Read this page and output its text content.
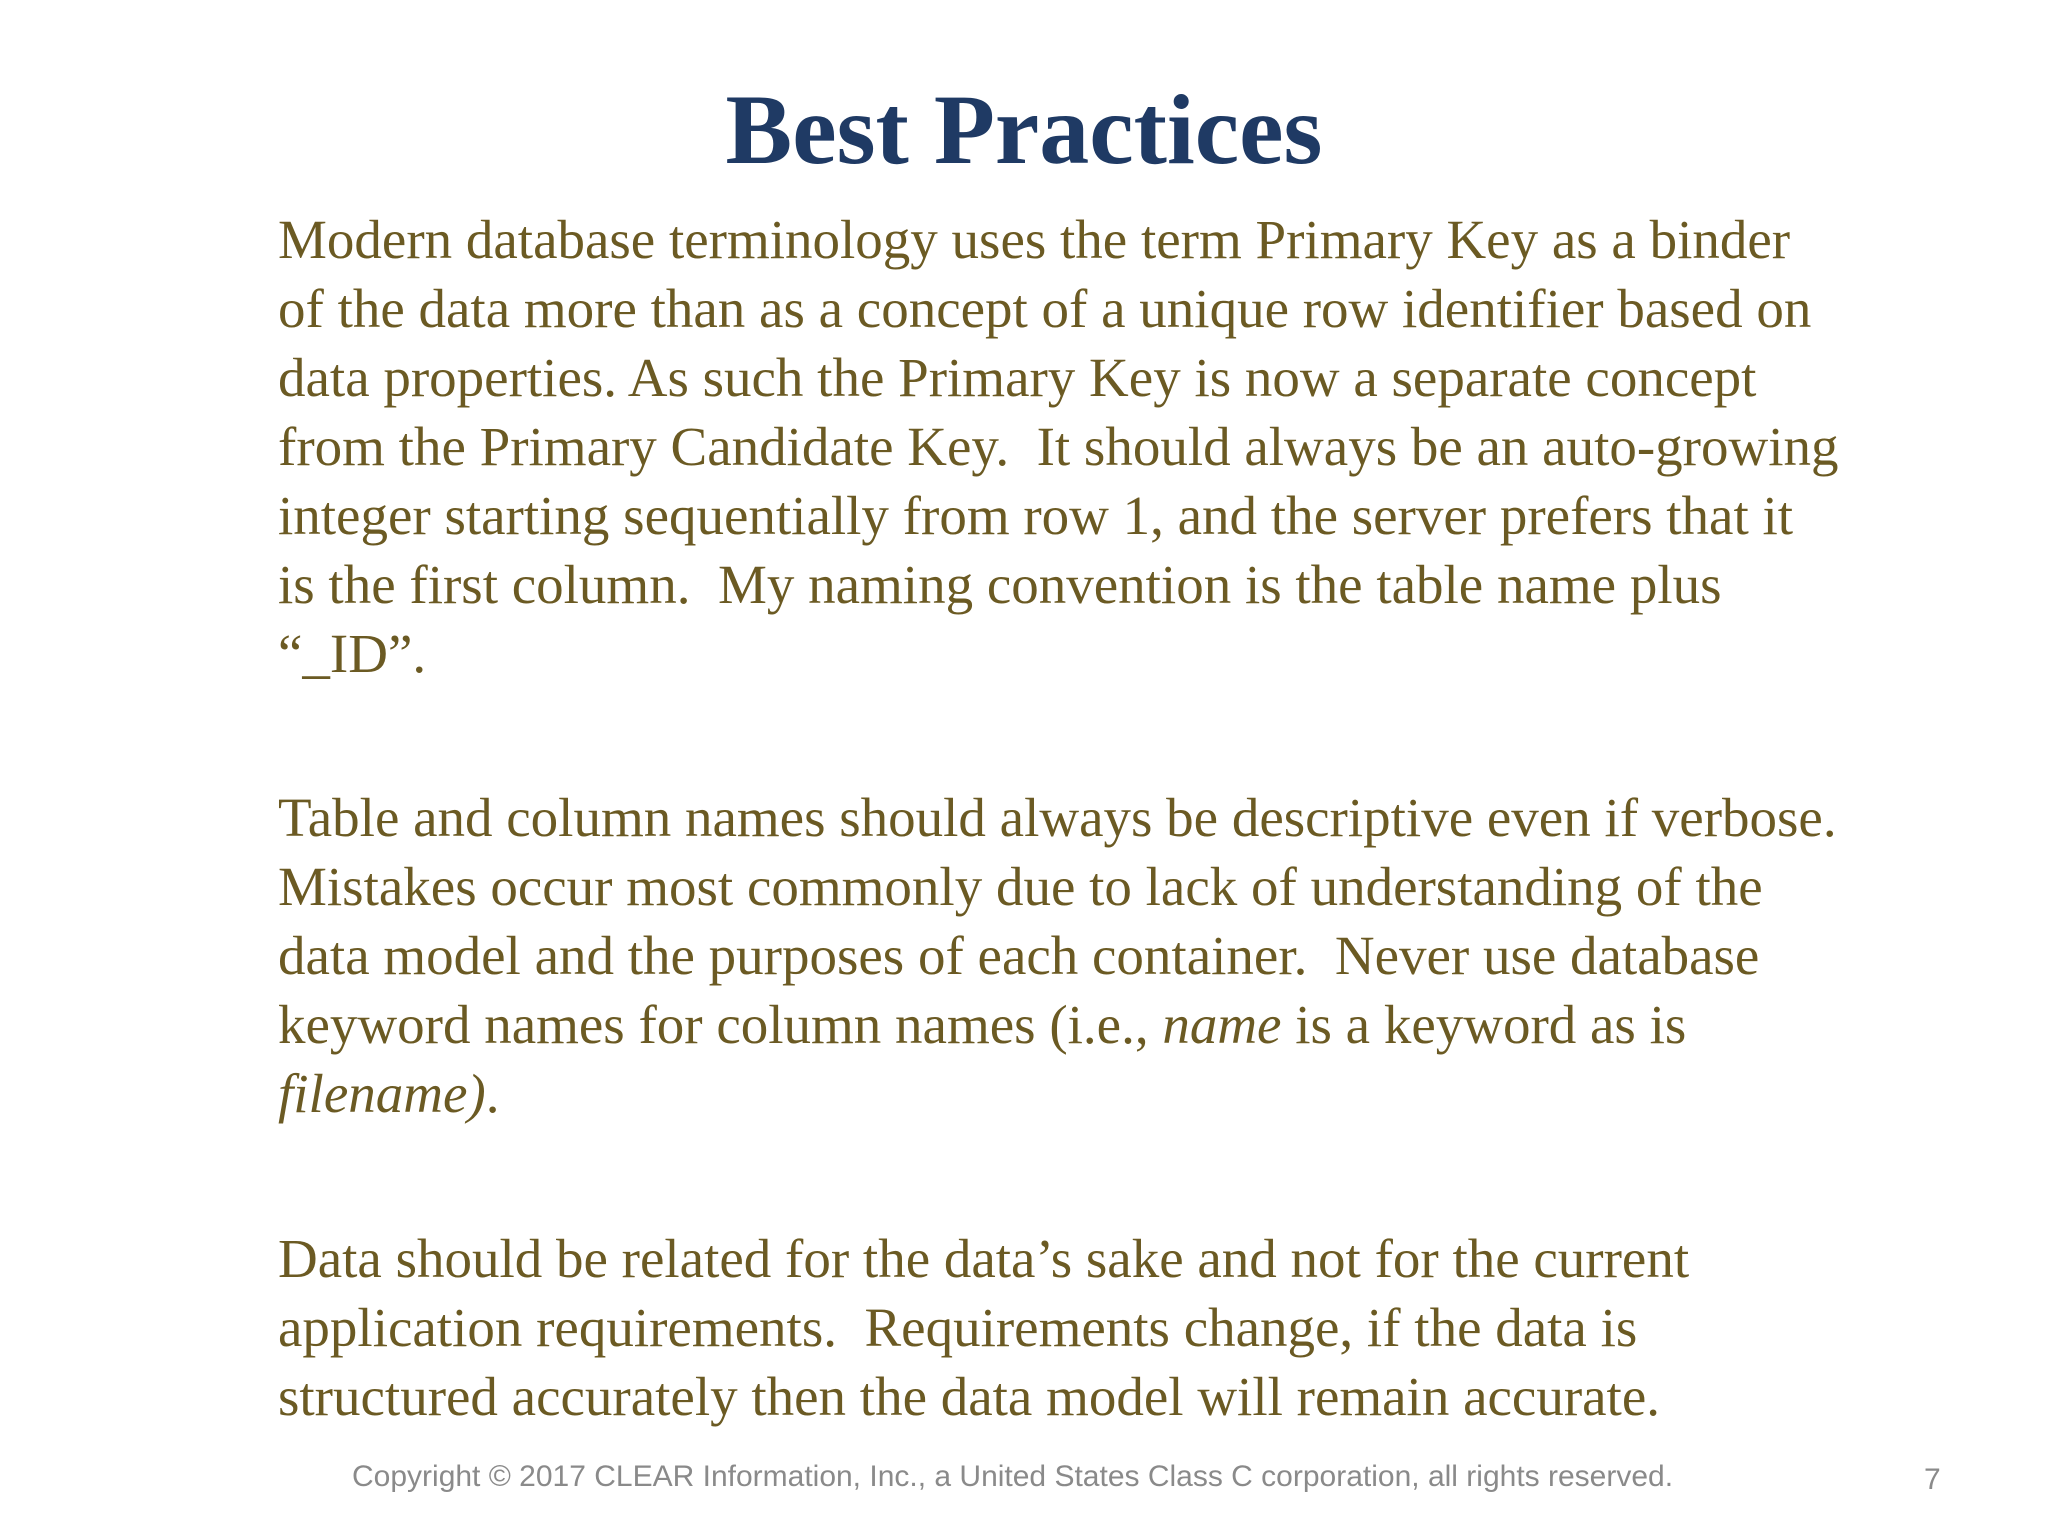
Best Practices

Modern database terminology uses the term Primary Key as a binder
of the data more than as a concept of a unique row identifier based on
data properties. As such the Primary Key is now a separate concept
from the Primary Candidate Key.  It should always be an auto-growing
integer starting sequentially from row 1, and the server prefers that it
is the first column.  My naming convention is the table name plus
“_ID”.

Table and column names should always be descriptive even if verbose.
Mistakes occur most commonly due to lack of understanding of the
data model and the purposes of each container.  Never use database
keyword names for column names (i.e., name is a keyword as is
filename).

Data should be related for the data’s sake and not for the current
application requirements.  Requirements change, if the data is
structured accurately then the data model will remain accurate.

Copyright © 2017 CLEAR Information, Inc., a United States Class C corporation, all rights reserved.	7
